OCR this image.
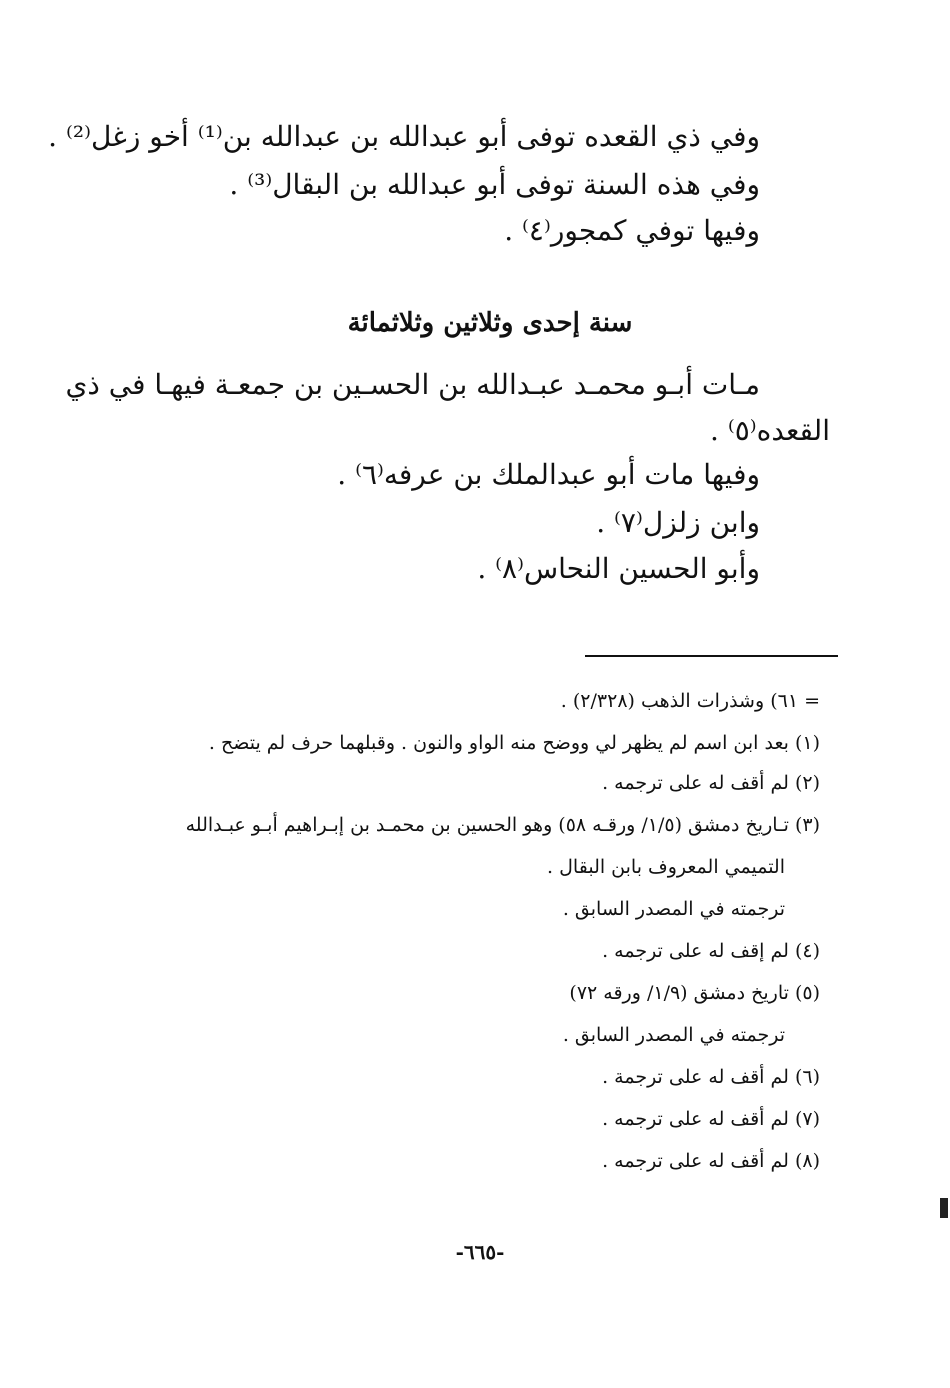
وفي ذي القعده توفى أبو عبدالله بن عبدالله بن⁽¹⁾ أخو زغل⁽²⁾ .
وفي هذه السنة توفى أبو عبدالله بن البقال⁽³⁾ .
وفيها توفي كمجور⁽٤⁾ .
سنة إحدى وثلاثين وثلاثمائة
مـات أبـو محمـد عبـدالله بن الحسـين بن جمعـة فيهـا في ذي
القعده⁽٥⁾ .
وفيها مات أبو عبدالملك بن عرفه⁽٦⁾ .
وابن زلزل⁽٧⁾ .
وأبو الحسين النحاس⁽٨⁾ .
= ٦١) وشذرات الذهب (٢/٣٢٨) .
(١) بعد ابن اسم لم يظهر لي ووضح منه الواو والنون . وقبلهما حرف لم يتضح .
(٢) لم أقف له على ترجمه .
(٣) تـاريخ دمشق (١/٥/ ورقـه ٥٨) وهو الحسين بن محمـد بن إبـراهيم أبـو عبـدالله
التميمي المعروف بابن البقال .
ترجمته في المصدر السابق .
(٤) لم إقف له على ترجمه .
(٥) تاريخ دمشق (١/٩/ ورقه ٧٢)
ترجمته في المصدر السابق .
(٦) لم أقف له على ترجمة .
(٧) لم أقف له على ترجمه .
(٨) لم أقف له على ترجمه .
-٦٦٥-
